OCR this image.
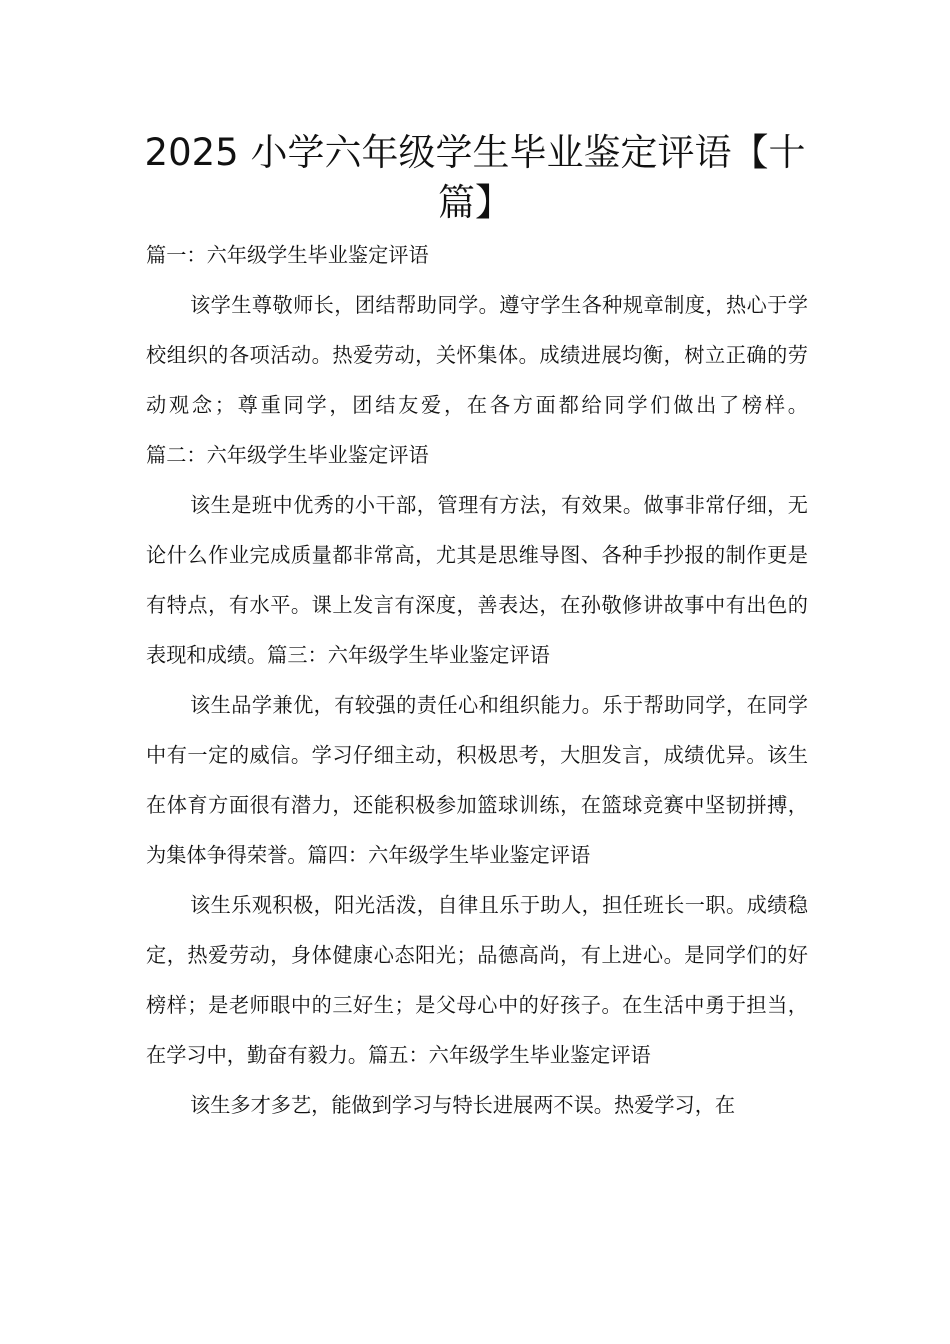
2025 小学六年级学生毕业鉴定评语【十篇】

篇一：六年级学生毕业鉴定评语

该学生尊敬师长，团结帮助同学。遵守学生各种规章制度，热心于学校组织的各项活动。热爱劳动，关怀集体。成绩进展均衡，树立正确的劳动观念；尊重同学，团结友爱，在各方面都给同学们做出了榜样。篇二：六年级学生毕业鉴定评语

该生是班中优秀的小干部，管理有方法，有效果。做事非常仔细，无论什么作业完成质量都非常高，尤其是思维导图、各种手抄报的制作更是有特点，有水平。课上发言有深度，善表达，在孙敬修讲故事中有出色的表现和成绩。篇三：六年级学生毕业鉴定评语

该生品学兼优，有较强的责任心和组织能力。乐于帮助同学，在同学中有一定的威信。学习仔细主动，积极思考，大胆发言，成绩优异。该生在体育方面很有潜力，还能积极参加篮球训练，在篮球竞赛中坚韧拼搏，为集体争得荣誉。篇四：六年级学生毕业鉴定评语

该生乐观积极，阳光活泼，自律且乐于助人，担任班长一职。成绩稳定，热爱劳动，身体健康心态阳光；品德高尚，有上进心。是同学们的好榜样；是老师眼中的三好生；是父母心中的好孩子。在生活中勇于担当，在学习中，勤奋有毅力。篇五：六年级学生毕业鉴定评语

该生多才多艺，能做到学习与特长进展两不误。热爱学习，在
